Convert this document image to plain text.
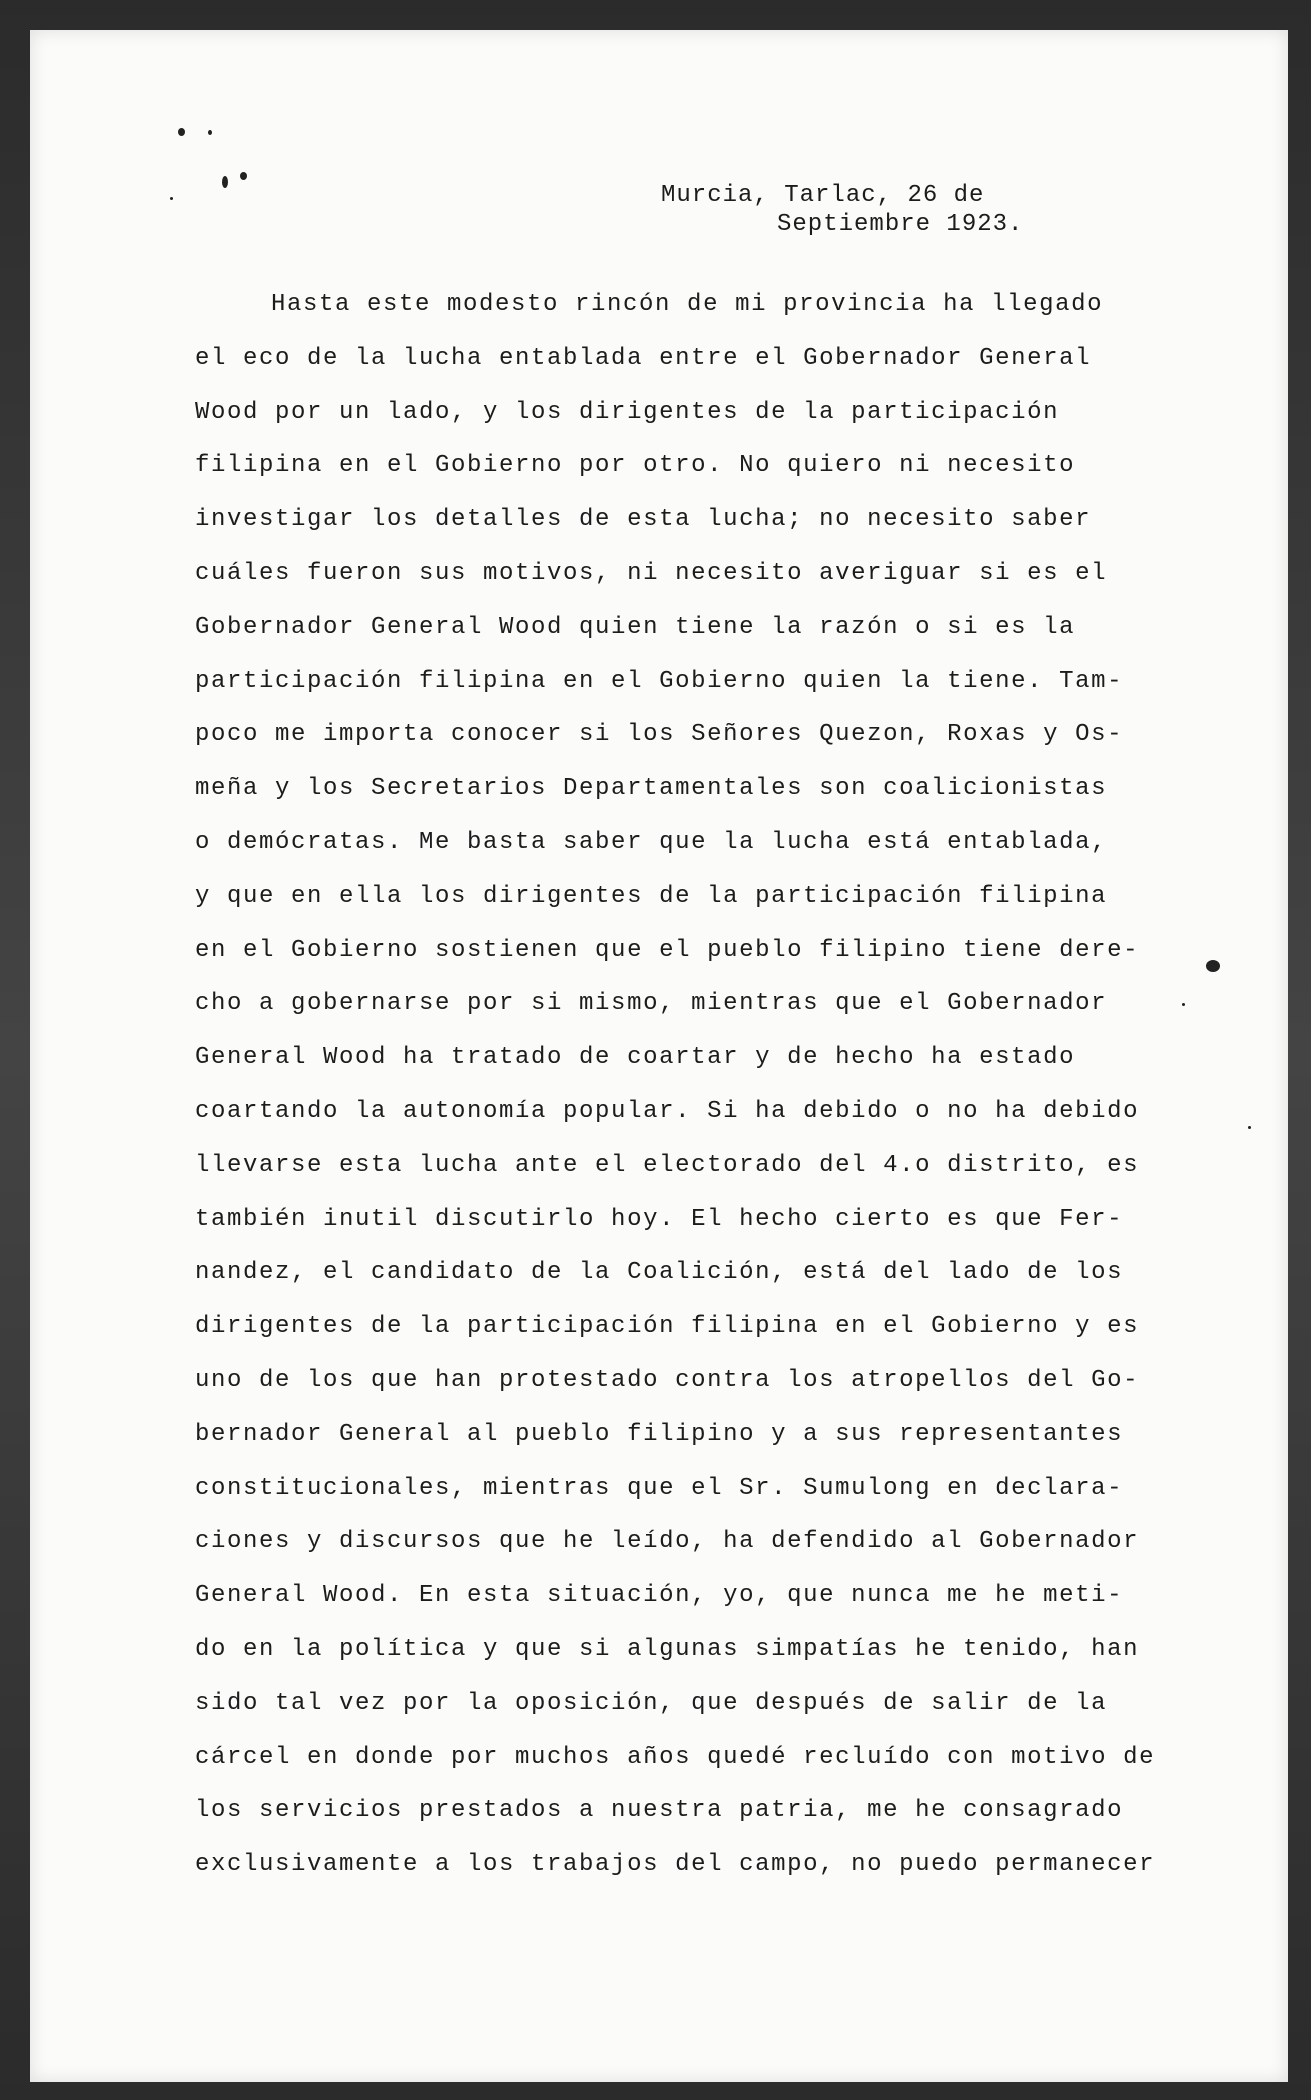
Murcia, Tarlac, 26 de
Septiembre 1923.
Hasta este modesto rincón de mi provincia ha llegado
el eco de la lucha entablada entre el Gobernador General
Wood por un lado, y los dirigentes de la participación
filipina en el Gobierno por otro. No quiero ni necesito
investigar los detalles de esta lucha; no necesito saber
cuáles fueron sus motivos, ni necesito averiguar si es el
Gobernador General Wood quien tiene la razón o si es la
participación filipina en el Gobierno quien la tiene. Tam-
poco me importa conocer si los Señores Quezon, Roxas y Os-
meña y los Secretarios Departamentales son coalicionistas
o demócratas. Me basta saber que la lucha está entablada,
y que en ella los dirigentes de la participación filipina
en el Gobierno sostienen que el pueblo filipino tiene dere-
cho a gobernarse por si mismo, mientras que el Gobernador
General Wood ha tratado de coartar y de hecho ha estado
coartando la autonomía popular. Si ha debido o no ha debido
llevarse esta lucha ante el electorado del 4.o distrito, es
también inutil discutirlo hoy. El hecho cierto es que Fer-
nandez, el candidato de la Coalición, está del lado de los
dirigentes de la participación filipina en el Gobierno y es
uno de los que han protestado contra los atropellos del Go-
bernador General al pueblo filipino y a sus representantes
constitucionales, mientras que el Sr. Sumulong en declara-
ciones y discursos que he leído, ha defendido al Gobernador
General Wood. En esta situación, yo, que nunca me he meti-
do en la política y que si algunas simpatías he tenido, han
sido tal vez por la oposición, que después de salir de la
cárcel en donde por muchos años quedé recluído con motivo de
los servicios prestados a nuestra patria, me he consagrado
exclusivamente a los trabajos del campo, no puedo permanecer
